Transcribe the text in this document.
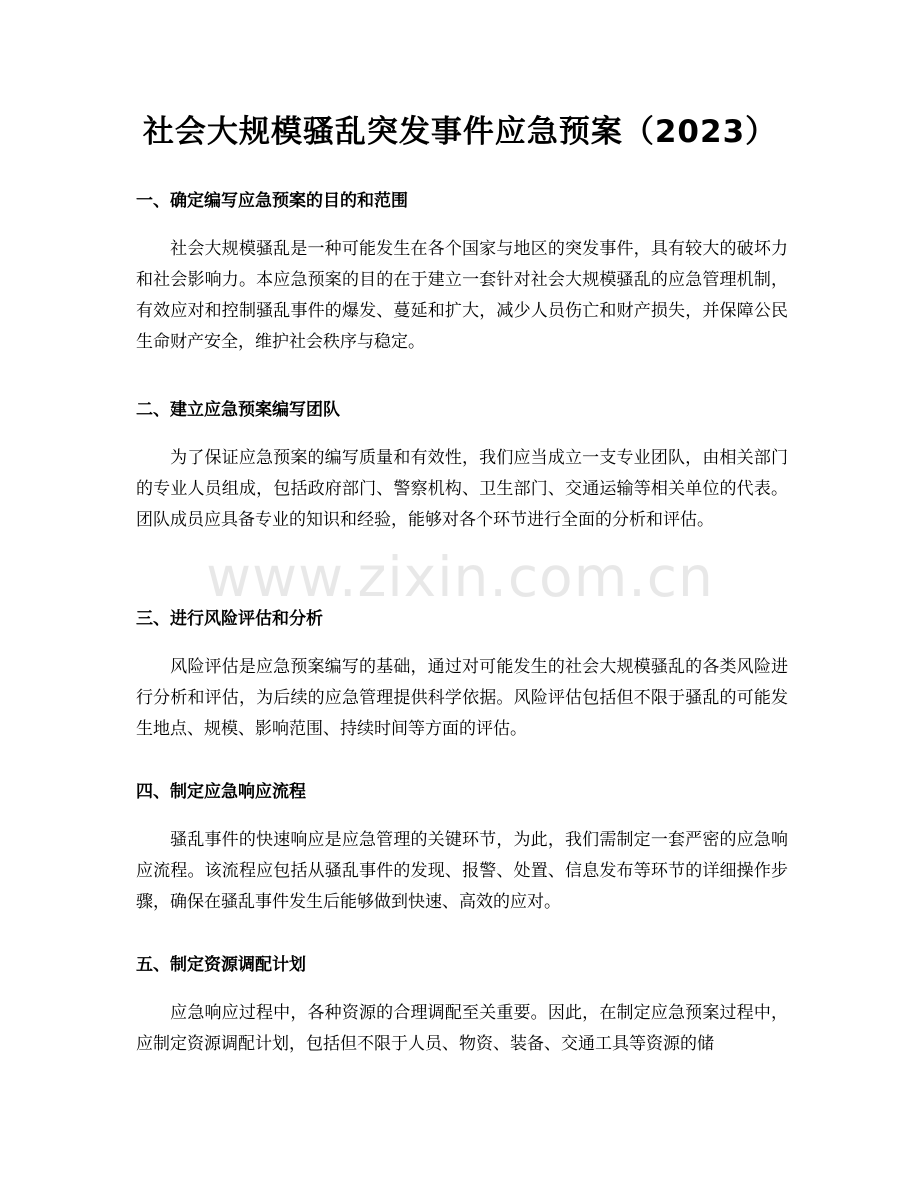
社会大规模骚乱突发事件应急预案（2023）
一、确定编写应急预案的目的和范围

社会大规模骚乱是一种可能发生在各个国家与地区的突发事件，具有较大的破坏力和社会影响力。本应急预案的目的在于建立一套针对社会大规模骚乱的应急管理机制，有效应对和控制骚乱事件的爆发、蔓延和扩大，减少人员伤亡和财产损失，并保障公民生命财产安全，维护社会秩序与稳定。

二、建立应急预案编写团队

为了保证应急预案的编写质量和有效性，我们应当成立一支专业团队，由相关部门的专业人员组成，包括政府部门、警察机构、卫生部门、交通运输等相关单位的代表。团队成员应具备专业的知识和经验，能够对各个环节进行全面的分析和评估。

三、进行风险评估和分析

风险评估是应急预案编写的基础，通过对可能发生的社会大规模骚乱的各类风险进行分析和评估，为后续的应急管理提供科学依据。风险评估包括但不限于骚乱的可能发生地点、规模、影响范围、持续时间等方面的评估。

四、制定应急响应流程

骚乱事件的快速响应是应急管理的关键环节，为此，我们需制定一套严密的应急响应流程。该流程应包括从骚乱事件的发现、报警、处置、信息发布等环节的详细操作步骤，确保在骚乱事件发生后能够做到快速、高效的应对。

五、制定资源调配计划

应急响应过程中，各种资源的合理调配至关重要。因此，在制定应急预案过程中，应制定资源调配计划，包括但不限于人员、物资、装备、交通工具等资源的储

www.zixin.com.cn
